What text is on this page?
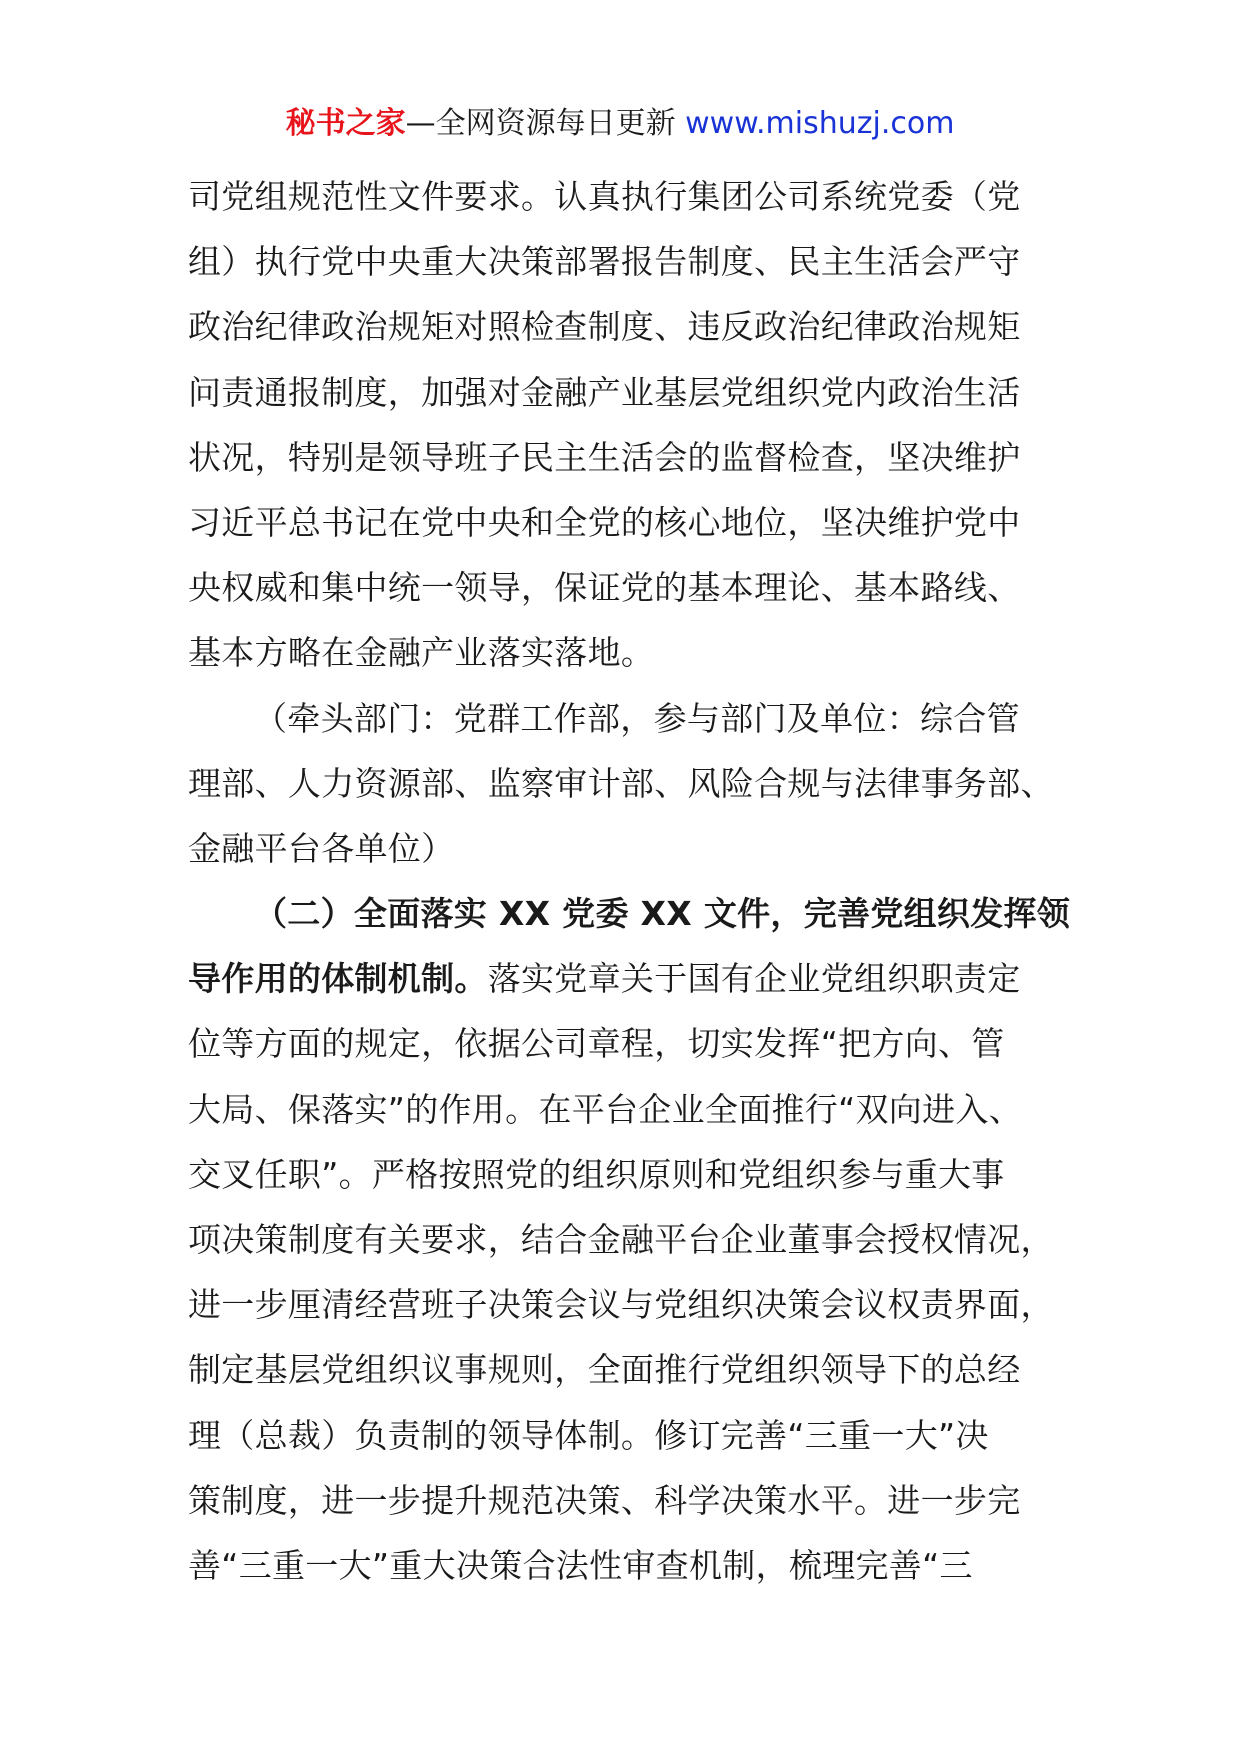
秘书之家—全网资源每日更新 www.mishuzj.com
司党组规范性文件要求。认真执行集团公司系统党委（党
组）执行党中央重大决策部署报告制度、民主生活会严守
政治纪律政治规矩对照检查制度、违反政治纪律政治规矩
问责通报制度，加强对金融产业基层党组织党内政治生活
状况，特别是领导班子民主生活会的监督检查，坚决维护
习近平总书记在党中央和全党的核心地位，坚决维护党中
央权威和集中统一领导，保证党的基本理论、基本路线、
基本方略在金融产业落实落地。
（牵头部门：党群工作部，参与部门及单位：综合管
理部、人力资源部、监察审计部、风险合规与法律事务部、
金融平台各单位）
（二）全面落实 XX 党委 XX 文件，完善党组织发挥领
导作用的体制机制。落实党章关于国有企业党组织职责定
位等方面的规定，依据公司章程，切实发挥“把方向、管
大局、保落实”的作用。在平台企业全面推行“双向进入、
交叉任职”。严格按照党的组织原则和党组织参与重大事
项决策制度有关要求，结合金融平台企业董事会授权情况，
进一步厘清经营班子决策会议与党组织决策会议权责界面，
制定基层党组织议事规则，全面推行党组织领导下的总经
理（总裁）负责制的领导体制。修订完善“三重一大”决
策制度，进一步提升规范决策、科学决策水平。进一步完
善“三重一大”重大决策合法性审查机制，梳理完善“三
